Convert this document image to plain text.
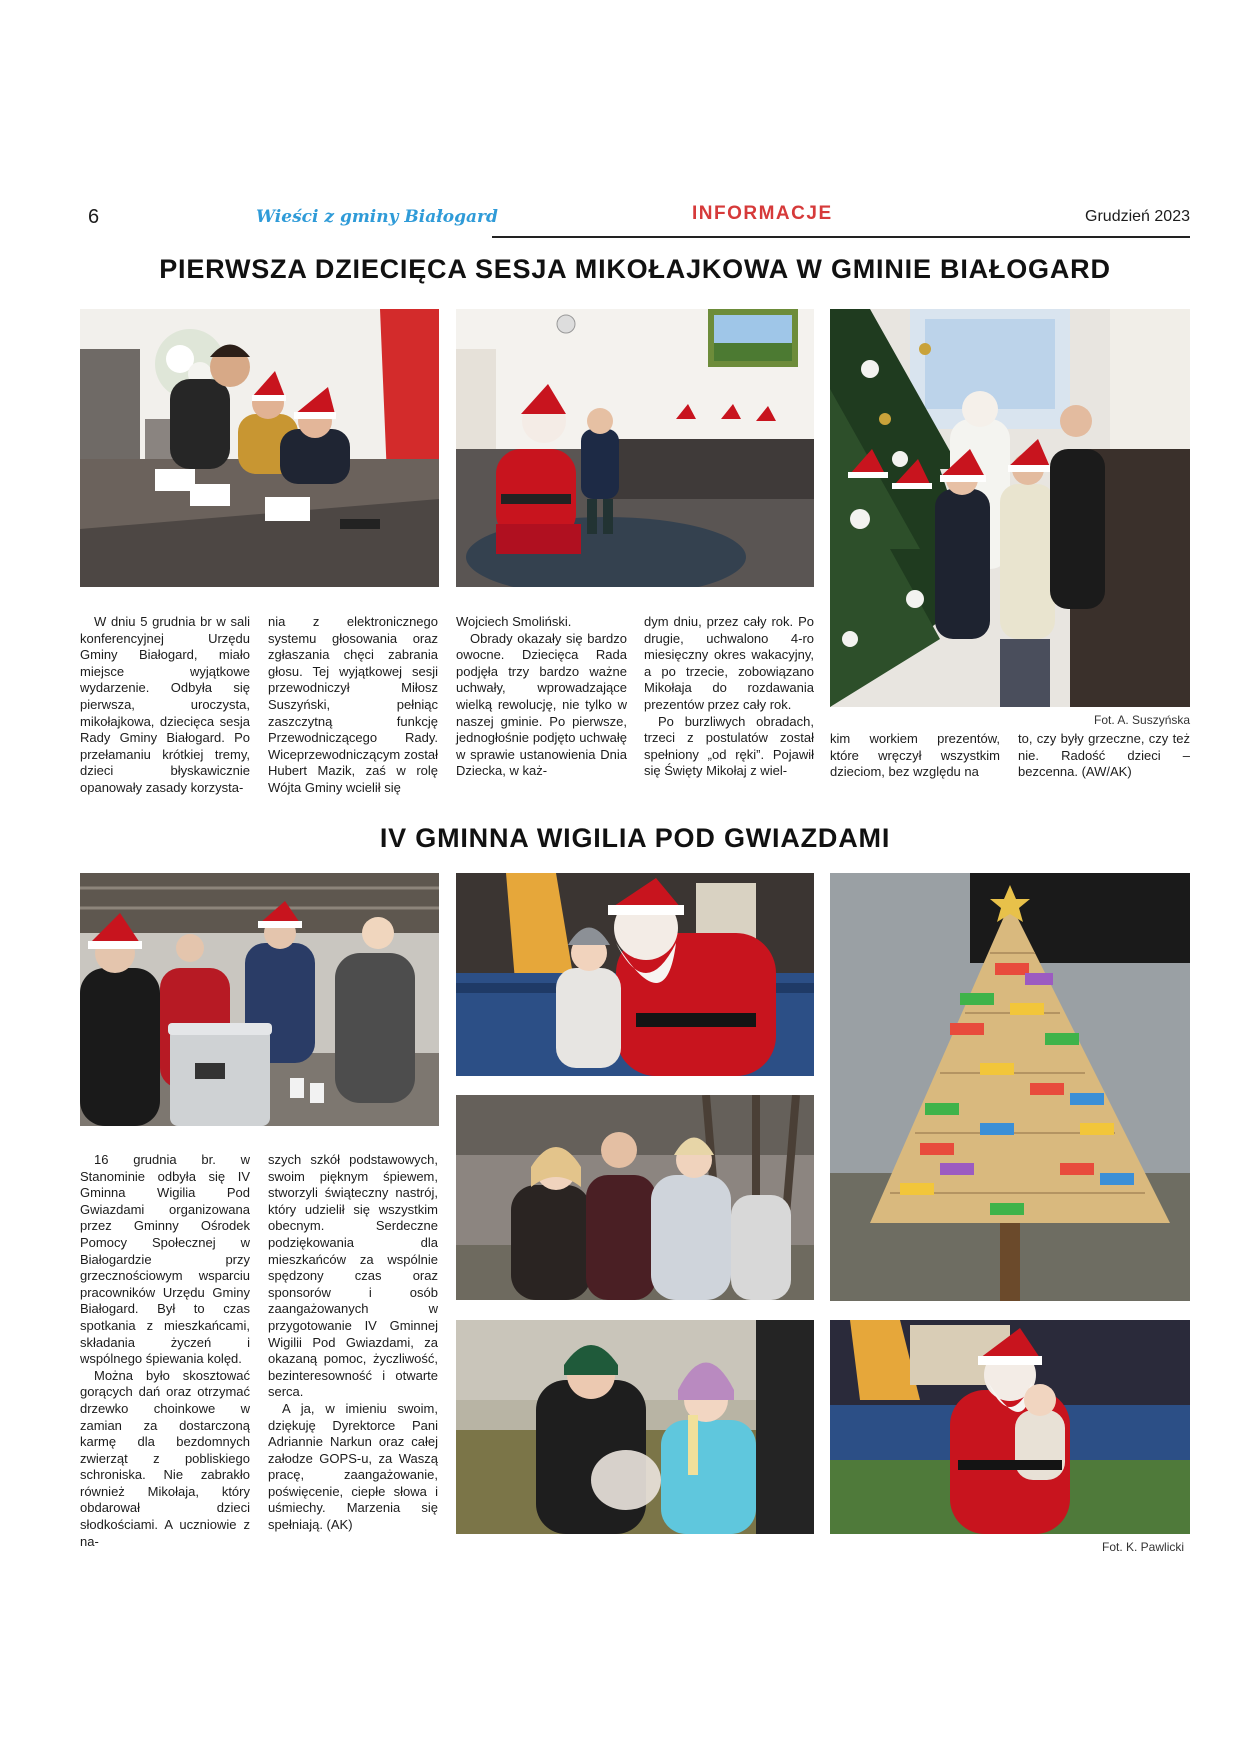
6	Wieści z gminy Białogard	INFORMACJE	Grudzień 2023
PIERWSZA DZIECIĘCA SESJA MIKOŁAJKOWA W GMINIE BIAŁOGARD
Fot. A. Suszyńska
W dniu 5 grudnia br w sali konferencyjnej Urzędu Gminy Białogard, miało miejsce wyjątkowe wydarzenie. Odbyła się pierwsza, uroczysta, mikołajkowa, dziecięca sesja Rady Gminy Białogard. Po przełamaniu krótkiej tremy, dzieci błyskawicznie opanowały zasady korzysta-
nia z elektronicznego systemu głosowania oraz zgłaszania chęci zabrania głosu. Tej wyjątkowej sesji przewodniczył Miłosz Suszyński, pełniąc zaszczytną funkcję Przewodniczącego Rady. Wiceprzewodniczącym został Hubert Mazik, zaś w rolę Wójta Gminy wcielił się

Wojciech Smoliński.

Obrady okazały się bardzo owocne. Dziecięca Rada podjęła trzy bardzo ważne uchwały, wprowadzające wielką rewolucję, nie tylko w naszej gminie. Po pierwsze, jednogłośnie podjęto uchwałę w sprawie ustanowienia Dnia Dziecka, w każ-

dym dniu, przez cały rok. Po drugie, uchwalono 4-ro miesięczny okres wakacyjny, a po trzecie, zobowiązano Mikołaja do rozdawania prezentów przez cały rok.

Po burzliwych obradach, trzeci z postulatów został spełniony „od ręki”. Pojawił się Święty Mikołaj z wiel-

kim workiem prezentów, które wręczył wszystkim dzieciom, bez względu na
to, czy były grzeczne, czy też nie. Radość dzieci – bezcenna. (AW/AK)
IV GMINNA WIGILIA POD GWIAZDAMI
Fot. K. Pawlicki

16 grudnia br. w Stanominie odbyła się IV Gminna Wigilia Pod Gwiazdami organizowana przez Gminny Ośrodek Pomocy Społecznej w Białogardzie przy grzecznościowym wsparciu pracowników Urzędu Gminy Białogard. Był to czas spotkania z mieszkańcami, składania życzeń i wspólnego śpiewania kolęd.

Można było skosztować gorących dań oraz otrzymać drzewko choinkowe w zamian za dostarczoną karmę dla bezdomnych zwierząt z pobliskiego schroniska. Nie zabrakło również Mikołaja, który obdarował dzieci słodkościami. A uczniowie z na-

szych szkół podstawowych, swoim pięknym śpiewem, stworzyli świąteczny nastrój, który udzielił się wszystkim obecnym. Serdeczne podziękowania dla mieszkańców za wspólnie spędzony czas oraz sponsorów i osób zaangażowanych w przygotowanie IV Gminnej Wigilii Pod Gwiazdami, za okazaną pomoc, życzliwość, bezinteresowność i otwarte serca.

A ja, w imieniu swoim, dziękuję Dyrektorce Pani Adriannie Narkun oraz całej załodze GOPS-u, za Waszą pracę, zaangażowanie, poświęcenie, ciepłe słowa i uśmiechy. Marzenia się spełniają. (AK)
